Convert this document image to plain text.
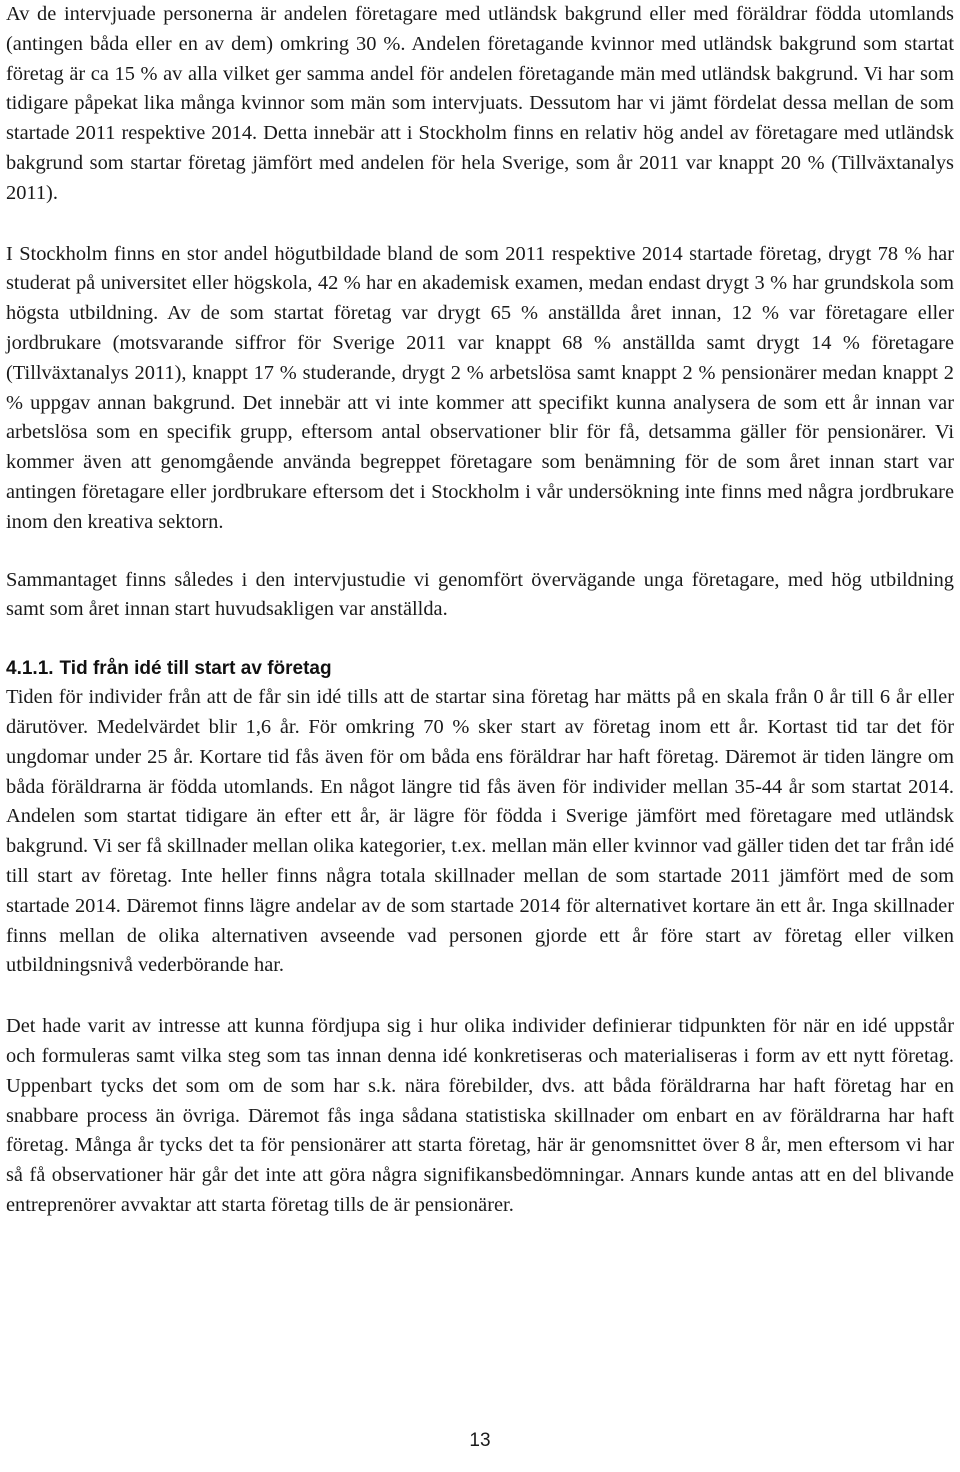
Av de intervjuade personerna är andelen företagare med utländsk bakgrund eller med föräldrar födda utomlands (antingen båda eller en av dem) omkring 30 %. Andelen företagande kvinnor med utländsk bakgrund som startat företag är ca 15 % av alla vilket ger samma andel för andelen företagande män med utländsk bakgrund. Vi har som tidigare påpekat lika många kvinnor som män som intervjuats. Dessutom har vi jämt fördelat dessa mellan de som startade 2011 respektive 2014. Detta innebär att i Stockholm finns en relativ hög andel av företagare med utländsk bakgrund som startar företag jämfört med andelen för hela Sverige, som år 2011 var knappt 20 % (Tillväxtanalys 2011).

I Stockholm finns en stor andel högutbildade bland de som 2011 respektive 2014 startade företag, drygt 78 % har studerat på universitet eller högskola, 42 % har en akademisk examen, medan endast drygt 3 % har grundskola som högsta utbildning. Av de som startat företag var drygt 65 % anställda året innan, 12 % var företagare eller jordbrukare (motsvarande siffror för Sverige 2011 var knappt 68 % anställda samt drygt 14 % företagare (Tillväxtanalys 2011), knappt 17 % studerande, drygt 2 % arbetslösa samt knappt 2 % pensionärer medan knappt 2 % uppgav annan bakgrund. Det innebär att vi inte kommer att specifikt kunna analysera de som ett år innan var arbetslösa som en specifik grupp, eftersom antal observationer blir för få, detsamma gäller för pensionärer. Vi kommer även att genomgående använda begreppet företagare som benämning för de som året innan start var antingen företagare eller jordbrukare eftersom det i Stockholm i vår undersökning inte finns med några jordbrukare inom den kreativa sektorn.

Sammantaget finns således i den intervjustudie vi genomfört övervägande unga företagare, med hög utbildning samt som året innan start huvudsakligen var anställda.

4.1.1. Tid från idé till start av företag

Tiden för individer från att de får sin idé tills att de startar sina företag har mätts på en skala från 0 år till 6 år eller därutöver. Medelvärdet blir 1,6 år. För omkring 70 % sker start av företag inom ett år. Kortast tid tar det för ungdomar under 25 år. Kortare tid fås även för om båda ens föräldrar har haft företag. Däremot är tiden längre om båda föräldrarna är födda utomlands. En något längre tid fås även för individer mellan 35-44 år som startat 2014. Andelen som startat tidigare än efter ett år, är lägre för födda i Sverige jämfört med företagare med utländsk bakgrund. Vi ser få skillnader mellan olika kategorier, t.ex. mellan män eller kvinnor vad gäller tiden det tar från idé till start av företag. Inte heller finns några totala skillnader mellan de som startade 2011 jämfört med de som startade 2014. Däremot finns lägre andelar av de som startade 2014 för alternativet kortare än ett år. Inga skillnader finns mellan de olika alternativen avseende vad personen gjorde ett år före start av företag eller vilken utbildningsnivå vederbörande har.

Det hade varit av intresse att kunna fördjupa sig i hur olika individer definierar tidpunkten för när en idé uppstår och formuleras samt vilka steg som tas innan denna idé konkretiseras och materialiseras i form av ett nytt företag. Uppenbart tycks det som om de som har s.k. nära förebilder, dvs. att båda föräldrarna har haft företag har en snabbare process än övriga. Däremot fås inga sådana statistiska skillnader om enbart en av föräldrarna har haft företag. Många år tycks det ta för pensionärer att starta företag, här är genomsnittet över 8 år, men eftersom vi har så få observationer här går det inte att göra några signifikansbedömningar. Annars kunde antas att en del blivande entreprenörer avvaktar att starta företag tills de är pensionärer.

13
